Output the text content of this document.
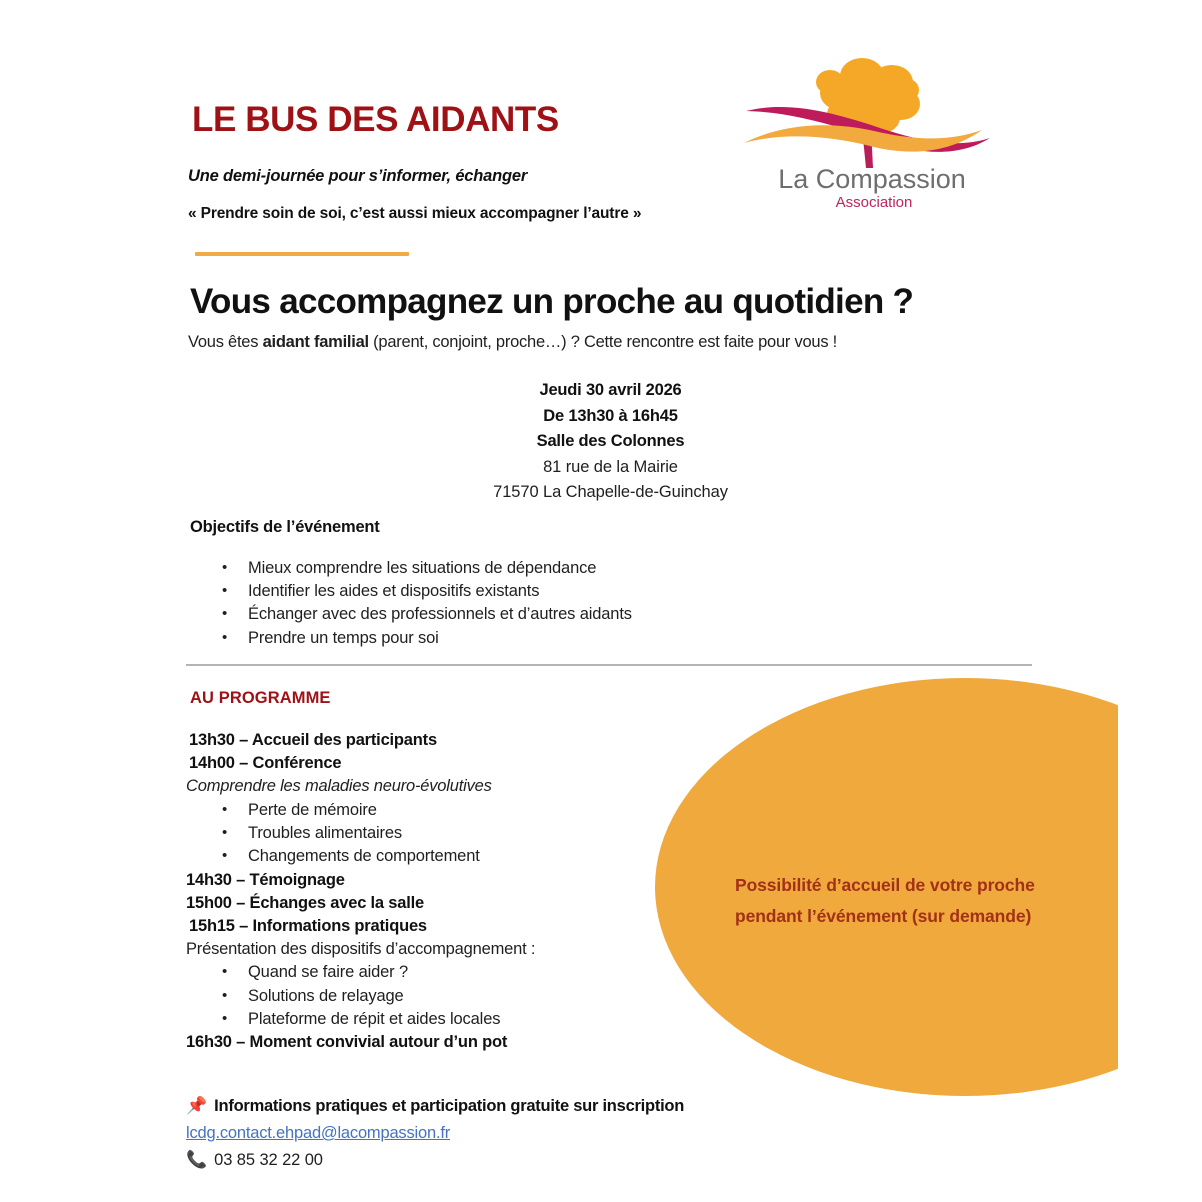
LE BUS DES AIDANTS
Une demi-journée pour s’informer, échanger
« Prendre soin de soi, c’est aussi mieux accompagner l’autre »
La Compassion
Association
Vous accompagnez un proche au quotidien ?
Vous êtes aidant familial (parent, conjoint, proche…) ? Cette rencontre est faite pour vous !
Jeudi 30 avril 2026
De 13h30 à 16h45
Salle des Colonnes
81 rue de la Mairie
71570 La Chapelle-de-Guinchay
Objectifs de l’événement
• Mieux comprendre les situations de dépendance
• Identifier les aides et dispositifs existants
• Échanger avec des professionnels et d’autres aidants
• Prendre un temps pour soi
AU PROGRAMME
13h30 – Accueil des participants
14h00 – Conférence
Comprendre les maladies neuro-évolutives
• Perte de mémoire
• Troubles alimentaires
• Changements de comportement
14h30 – Témoignage
15h00 – Échanges avec la salle
15h15 – Informations pratiques
Présentation des dispositifs d’accompagnement :
• Quand se faire aider ?
• Solutions de relayage
• Plateforme de répit et aides locales
16h30 – Moment convivial autour d’un pot
Possibilité d’accueil de votre proche
pendant l’événement (sur demande)
📌 Informations pratiques et participation gratuite sur inscription
lcdg.contact.ehpad@lacompassion.fr
📞 03 85 32 22 00
